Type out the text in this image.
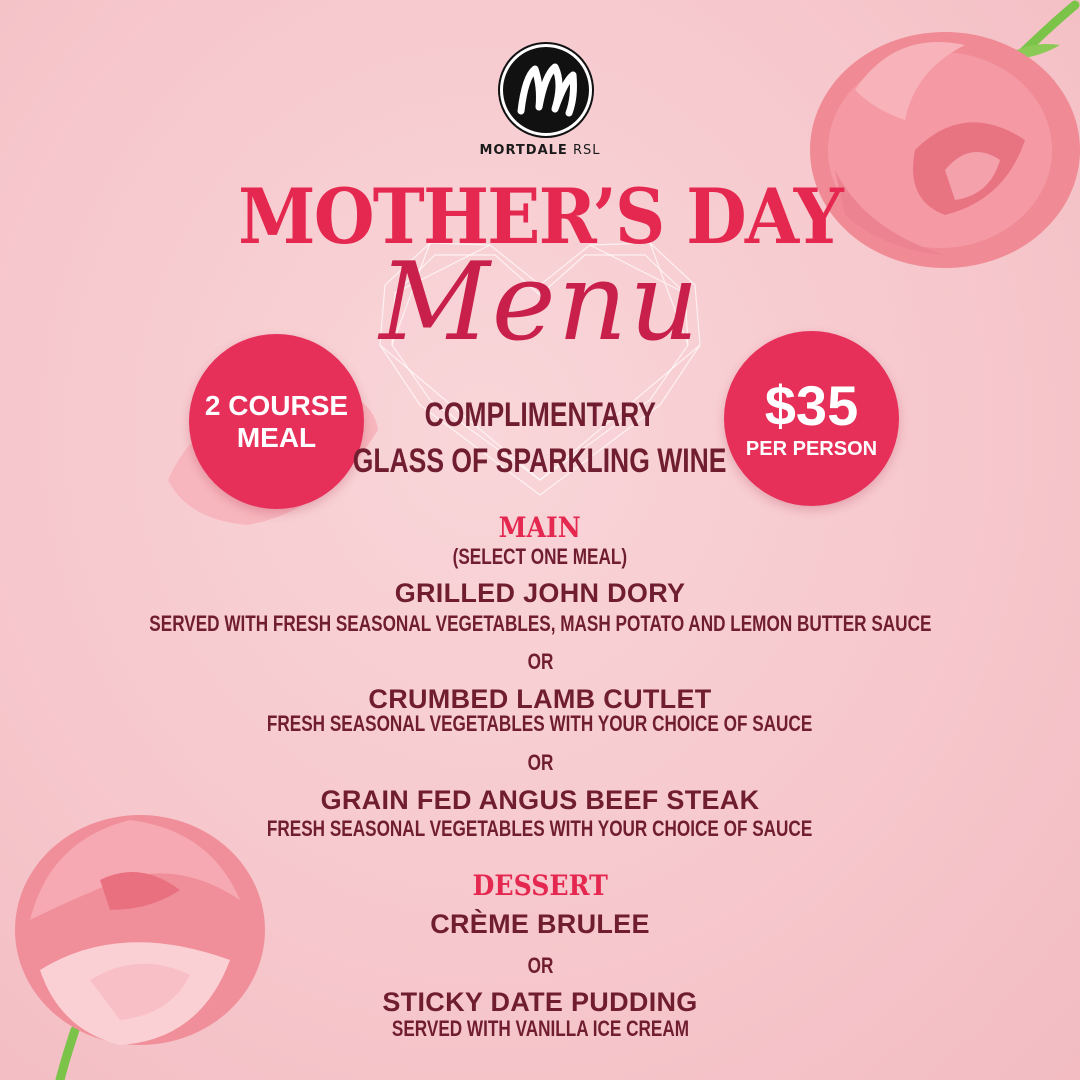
MORTDALE RSL
MOTHER’S DAY
Menu
2 COURSE
MEAL
$35
PER PERSON
COMPLIMENTARY
GLASS OF SPARKLING WINE
MAIN
(SELECT ONE MEAL)
GRILLED JOHN DORY
SERVED WITH FRESH SEASONAL VEGETABLES, MASH POTATO AND LEMON BUTTER SAUCE
OR
CRUMBED LAMB CUTLET
FRESH SEASONAL VEGETABLES WITH YOUR CHOICE OF SAUCE
OR
GRAIN FED ANGUS BEEF STEAK
FRESH SEASONAL VEGETABLES WITH YOUR CHOICE OF SAUCE
DESSERT
CRÈME BRULEE
OR
STICKY DATE PUDDING
SERVED WITH VANILLA ICE CREAM
